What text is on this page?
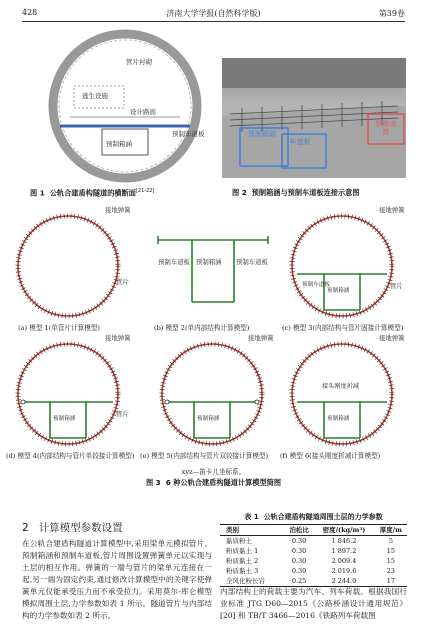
428	济南大学学报(自然科学版)	第39卷
管片衬砌
逃生设施
设计路面
预制车道板
预制箱涵
图 1 公轨合建盾构隧道的横断面[21-22]
钢筋连接
预制箱涵
车道板
图 2 预制箱涵与预制车道板连接示意图
接地弹簧
管片
(a) 模型 1(单管片计算模型)
预制车道板 预制箱涵 预制车道板
(b) 模型 2(单内部结构计算模型)
接地弹簧
管片
预制车道板
预制箱涵
(c) 模型 3(内部结构与管片固接计算模型)
接地弹簧
管片
预制箱涵
(d) 模型 4(内部结构与管片单铰接计算模型)
接地弹簧
预制箱涵
(e) 模型 5(内部结构与管片双铰接计算模型)
接地弹簧
接头刚度折减
预制箱涵
(f) 模型 6(接头刚度折减计算模型)
xyz—笛卡儿坐标系。
图 3 6 种公轨合建盾构隧道计算模型简图
2 计算模型参数设置
在公轨合建盾构隧道计算模型中,采用梁单元模拟管片、预制箱涵和预制车道板,管片周围设置弹簧单元以实现与土层的相互作用。弹簧的一端与管片的梁单元连接在一起,另一端为固定约束,通过修改计算模型中的关键字使弹簧单元仅能承受压力而不承受拉力。采用莫尔-库仑模型模拟周围土层,力学参数如表 1 所示。隧道管片与内部结构的力学参数如表 2 所示。
表 1 公轨合建盾构隧道周围土层的力学参数
类别	泊松比	密度/(kg/m³)	厚度/m
黏质粉土	0.30	1 846.2	5
粉质黏土 1	0.30	1 897.2	15
粉质黏土 2	0.30	2 009.4	15
粉质黏土 3	0.30	2 019.6	23
全风化粉长岩	0.25	2 244.0	17
内部结构上的荷载主要为汽车、列车荷载。根据我国行业标准 JTG D60—2015《公路桥涵设计通用规范》[20] 和 TB/T 3466—2016《铁路列车荷载图
